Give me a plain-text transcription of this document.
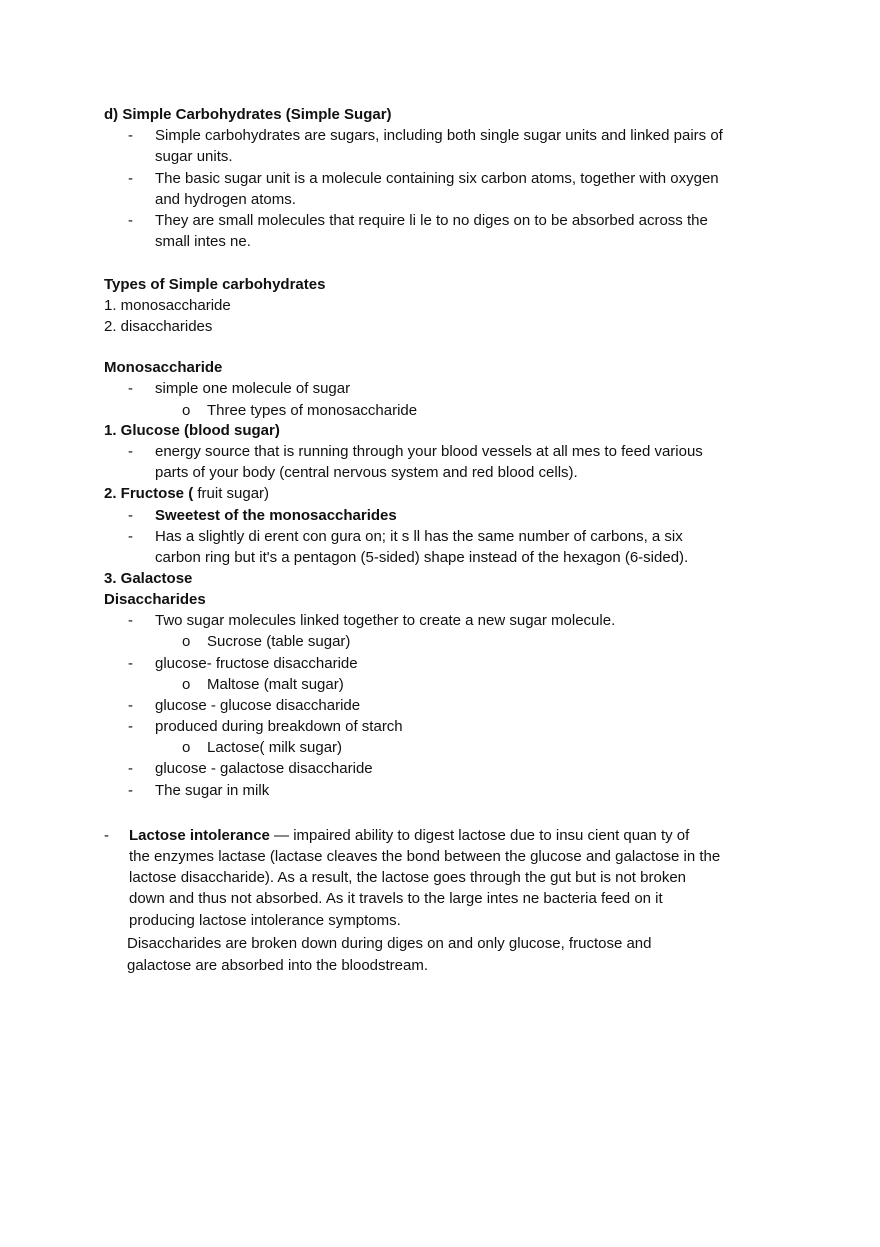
d) Simple Carbohydrates (Simple Sugar)
-	Simple carbohydrates are sugars, including both single sugar units and linked pairs of
sugar units.
-	The basic sugar unit is a molecule containing six carbon atoms, together with oxygen
and hydrogen atoms.
-	They are small molecules that require li le to no diges on to be absorbed across the
small intes ne.
Types of Simple carbohydrates
1. monosaccharide
2. disaccharides
Monosaccharide
-	simple one molecule of sugar
o Three types of monosaccharide
1. Glucose (blood sugar)
-	energy source that is running through your blood vessels at all mes to feed various
parts of your body (central nervous system and red blood cells).
2. Fructose ( fruit sugar)
-	Sweetest of the monosaccharides
-	Has a slightly di erent con gura on; it s ll has the same number of carbons, a six
carbon ring but it's a pentagon (5-sided) shape instead of the hexagon (6-sided).
3. Galactose
Disaccharides
-	Two sugar molecules linked together to create a new sugar molecule.
o Sucrose (table sugar)
-	glucose- fructose disaccharide
o Maltose (malt sugar)
-	glucose - glucose disaccharide
-	produced during breakdown of starch
o Lactose( milk sugar)
-	glucose - galactose disaccharide
-	The sugar in milk
-	Lactose intolerance — impaired ability to digest lactose due to insu cient quan ty of
the enzymes lactase (lactase cleaves the bond between the glucose and galactose in the
lactose disaccharide). As a result, the lactose goes through the gut but is not broken
down and thus not absorbed. As it travels to the large intes ne bacteria feed on it
producing lactose intolerance symptoms.
Disaccharides are broken down during diges on and only glucose, fructose and
galactose are absorbed into the bloodstream.
